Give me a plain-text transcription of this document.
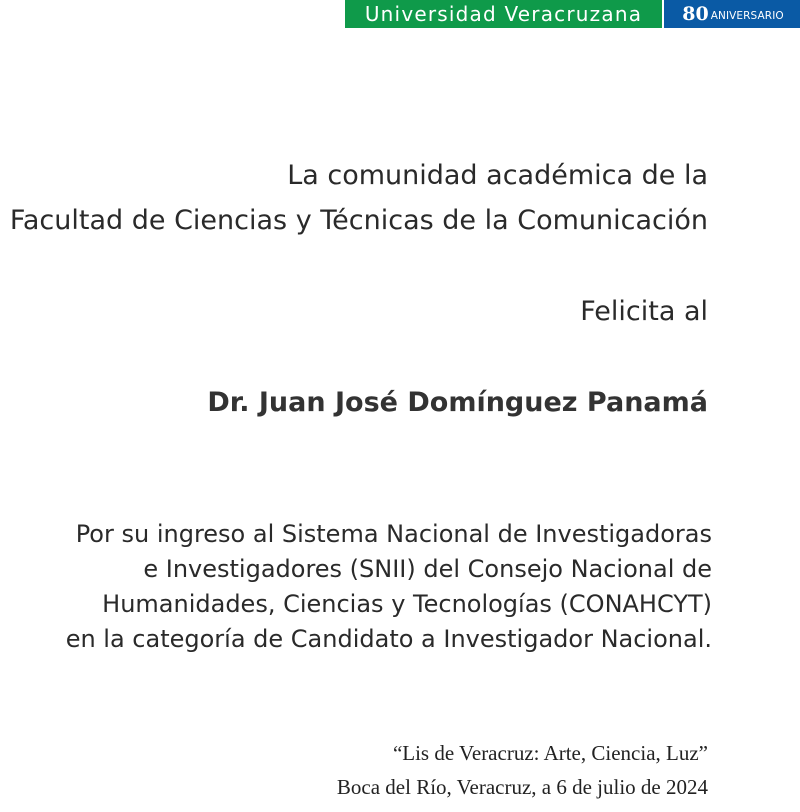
Universidad Veracruzana	80 ANIVERSARIO
La comunidad académica de la
Facultad de Ciencias y Técnicas de la Comunicación
Felicita al
Dr. Juan José Domínguez Panamá
Por su ingreso al Sistema Nacional de Investigadoras
e Investigadores (SNII) del Consejo Nacional de
Humanidades, Ciencias y Tecnologías (CONAHCYT)
en la categoría de Candidato a Investigador Nacional.
“Lis de Veracruz: Arte, Ciencia, Luz”
Boca del Río, Veracruz, a 6 de julio de 2024
